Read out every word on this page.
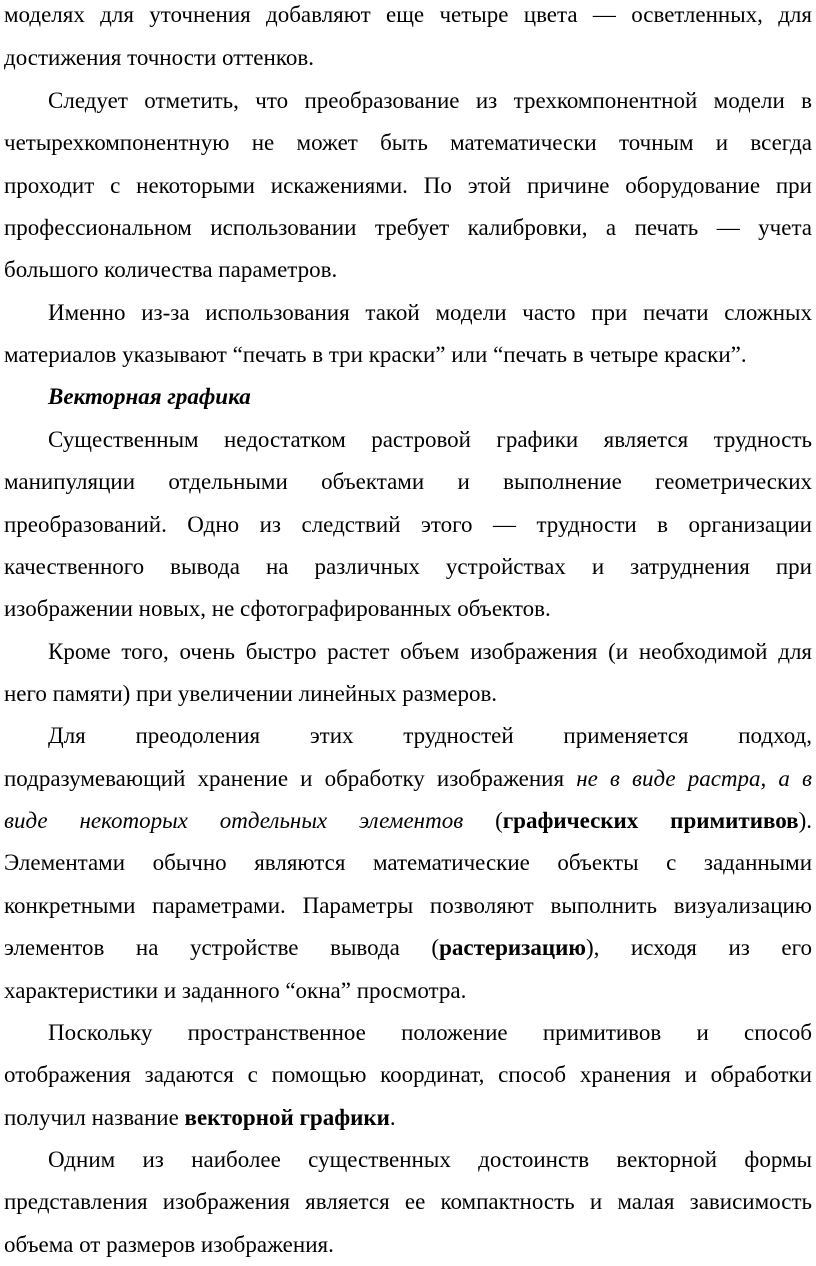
моделях для уточнения добавляют еще четыре цвета — осветленных, для
достижения точности оттенков.
Следует отметить, что преобразование из трехкомпонентной модели в
четырехкомпонентную не может быть математически точным и всегда
проходит с некоторыми искажениями. По этой причине оборудование при
профессиональном использовании требует калибровки, а печать — учета
большого количества параметров.
Именно из-за использования такой модели часто при печати сложных
материалов указывают “печать в три краски” или “печать в четыре краски”.
Векторная графика
Существенным недостатком растровой графики является трудность
манипуляции отдельными объектами и выполнение геометрических
преобразований. Одно из следствий этого — трудности в организации
качественного вывода на различных устройствах и затруднения при
изображении новых, не сфотографированных объектов.
Кроме того, очень быстро растет объем изображения (и необходимой для
него памяти) при увеличении линейных размеров.
Для преодоления этих трудностей применяется подход,
подразумевающий хранение и обработку изображения не в виде растра, а в
виде некоторых отдельных элементов (графических примитивов).
Элементами обычно являются математические объекты с заданными
конкретными параметрами. Параметры позволяют выполнить визуализацию
элементов на устройстве вывода (растеризацию), исходя из его
характеристики и заданного “окна” просмотра.
Поскольку пространственное положение примитивов и способ
отображения задаются с помощью координат, способ хранения и обработки
получил название векторной графики.
Одним из наиболее существенных достоинств векторной формы
представления изображения является ее компактность и малая зависимость
объема от размеров изображения.
